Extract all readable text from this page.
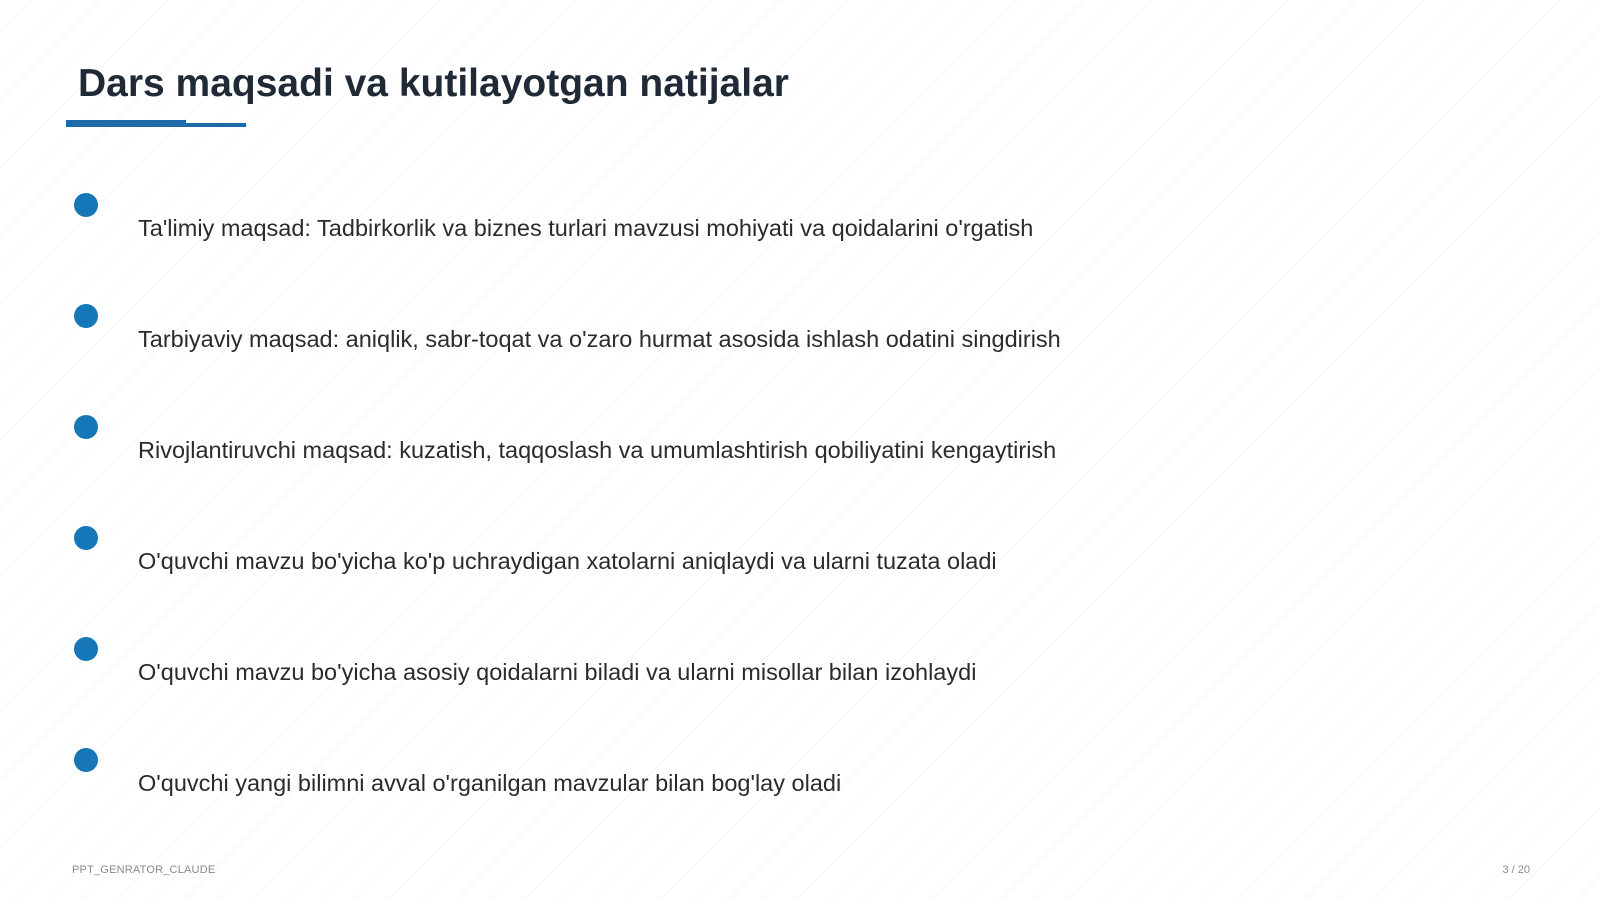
Dars maqsadi va kutilayotgan natijalar
Ta'limiy maqsad: Tadbirkorlik va biznes turlari mavzusi mohiyati va qoidalarini o'rgatish
Tarbiyaviy maqsad: aniqlik, sabr-toqat va o'zaro hurmat asosida ishlash odatini singdirish
Rivojlantiruvchi maqsad: kuzatish, taqqoslash va umumlashtirish qobiliyatini kengaytirish
O'quvchi mavzu bo'yicha ko'p uchraydigan xatolarni aniqlaydi va ularni tuzata oladi
O'quvchi mavzu bo'yicha asosiy qoidalarni biladi va ularni misollar bilan izohlaydi
O'quvchi yangi bilimni avval o'rganilgan mavzular bilan bog'lay oladi
PPT_GENRATOR_CLAUDE	3 / 20
